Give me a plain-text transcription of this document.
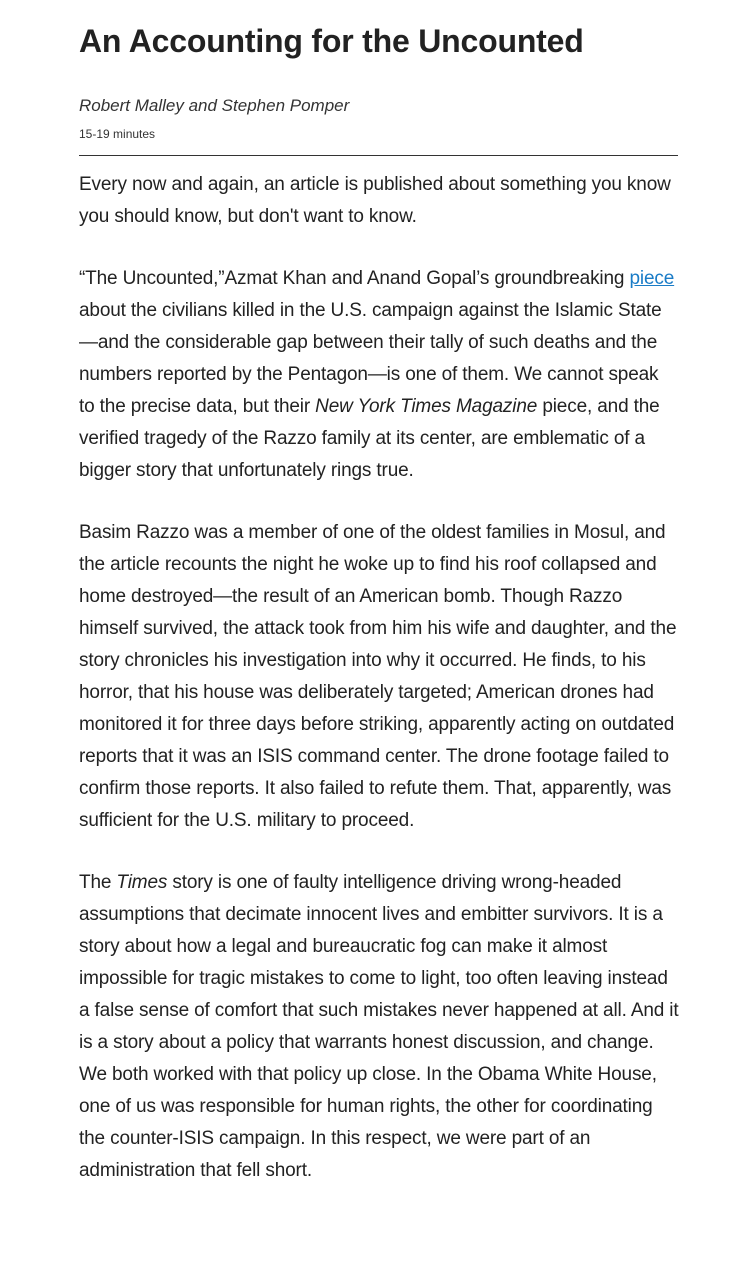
An Accounting for the Uncounted
Robert Malley and Stephen Pomper
15-19 minutes

Every now and again, an article is published about something you know you should know, but don't want to know.

“The Uncounted,”Azmat Khan and Anand Gopal’s groundbreaking piece about the civilians killed in the U.S. campaign against the Islamic State—and the considerable gap between their tally of such deaths and the numbers reported by the Pentagon—is one of them. We cannot speak to the precise data, but their New York Times Magazine piece, and the verified tragedy of the Razzo family at its center, are emblematic of a bigger story that unfortunately rings true.

Basim Razzo was a member of one of the oldest families in Mosul, and the article recounts the night he woke up to find his roof collapsed and home destroyed—the result of an American bomb. Though Razzo himself survived, the attack took from him his wife and daughter, and the story chronicles his investigation into why it occurred. He finds, to his horror, that his house was deliberately targeted; American drones had monitored it for three days before striking, apparently acting on outdated reports that it was an ISIS command center. The drone footage failed to confirm those reports. It also failed to refute them. That, apparently, was sufficient for the U.S. military to proceed.

The Times story is one of faulty intelligence driving wrong-headed assumptions that decimate innocent lives and embitter survivors. It is a story about how a legal and bureaucratic fog can make it almost impossible for tragic mistakes to come to light, too often leaving instead a false sense of comfort that such mistakes never happened at all. And it is a story about a policy that warrants honest discussion, and change. We both worked with that policy up close. In the Obama White House, one of us was responsible for human rights, the other for coordinating the counter-ISIS campaign. In this respect, we were part of an administration that fell short.
